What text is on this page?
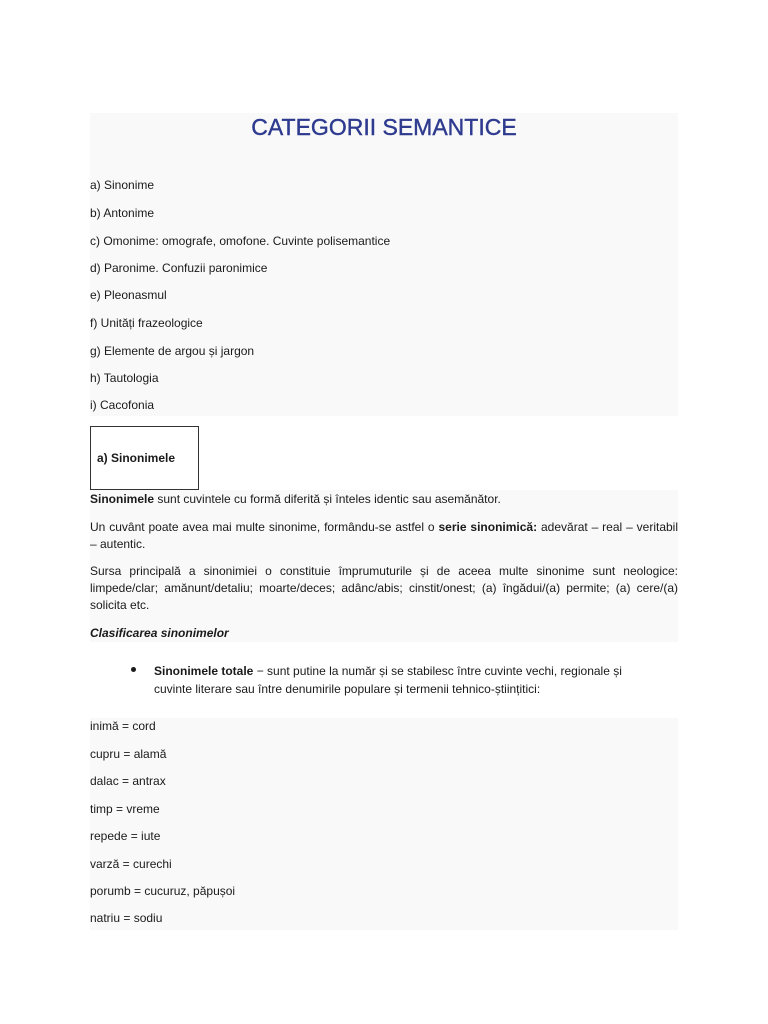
CATEGORII SEMANTICE
a) Sinonime
b) Antonime
c) Omonime: omografe, omofone. Cuvinte polisemantice
d) Paronime. Confuzii paronimice
e) Pleonasmul
f) Unități frazeologice
g) Elemente de argou și jargon
h) Tautologia
i) Cacofonia
a) Sinonimele
Sinonimele sunt cuvintele cu formă diferită și înteles identic sau asemănător.
Un cuvânt poate avea mai multe sinonime, formându-se astfel o serie sinonimică: adevărat – real – veritabil – autentic.
Sursa principală a sinonimiei o constituie împrumuturile și de aceea multe sinonime sunt neologice: limpede/clar; amănunt/detaliu; moarte/deces; adânc/abis; cinstit/onest; (a) îngădui/(a) permite; (a) cere/(a) solicita etc.
Clasificarea sinonimelor
Sinonimele totale − sunt putine la număr și se stabilesc între cuvinte vechi, regionale și cuvinte literare sau între denumirile populare și termenii tehnico-științitici:
inimă = cord
cupru = alamă
dalac = antrax
timp = vreme
repede = iute
varză = curechi
porumb = cucuruz, păpușoi
natriu = sodiu
